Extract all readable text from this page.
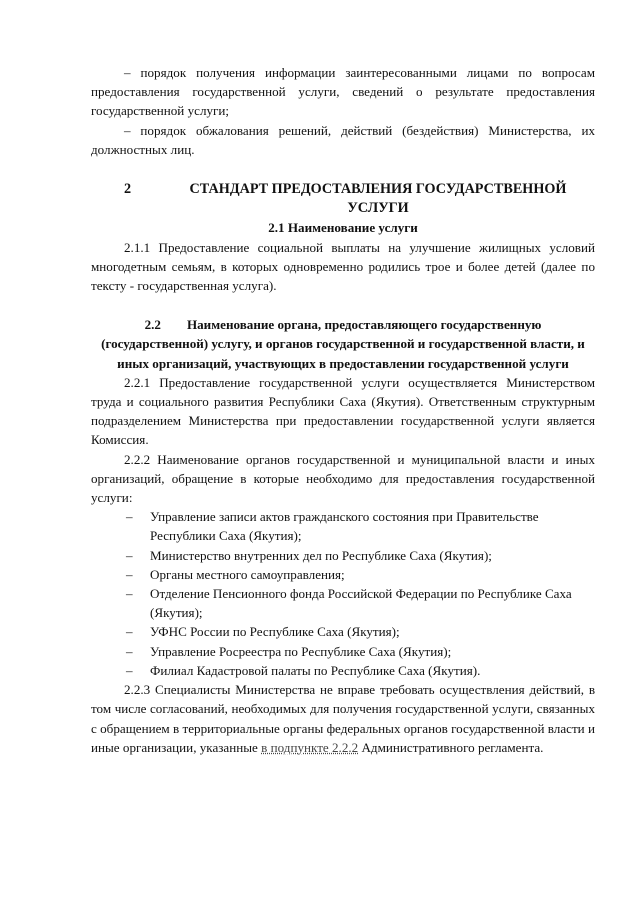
– порядок получения информации заинтересованными лицами по вопросам предоставления государственной услуги, сведений о результате предоставления государственной услуги;

– порядок обжалования решений, действий (бездействия) Министерства, их должностных лиц.

2	СТАНДАРТ ПРЕДОСТАВЛЕНИЯ ГОСУДАРСТВЕННОЙ УСЛУГИ

2.1 Наименование услуги

2.1.1 Предоставление социальной выплаты на улучшение жилищных условий многодетным семьям, в которых одновременно родились трое и более детей (далее по тексту - государственная услуга).

2.2 Наименование органа, предоставляющего государственную (государственной) услугу, и органов государственной и государственной власти, и иных организаций, участвующих в предоставлении государственной услуги

2.2.1 Предоставление государственной услуги осуществляется Министерством труда и социального развития Республики Саха (Якутия). Ответственным структурным подразделением Министерства при предоставлении государственной услуги является Комиссия.

2.2.2 Наименование органов государственной и муниципальной власти и иных организаций, обращение в которые необходимо для предоставления государственной услуги:

–	Управление записи актов гражданского состояния при Правительстве Республики Саха (Якутия);
–	Министерство внутренних дел по Республике Саха (Якутия);
–	Органы местного самоуправления;
–	Отделение Пенсионного фонда Российской Федерации по Республике Саха (Якутия);
–	УФНС России по Республике Саха (Якутия);
–	Управление Росреестра по Республике Саха (Якутия);
–	Филиал Кадастровой палаты по Республике Саха (Якутия).

2.2.3 Специалисты Министерства не вправе требовать осуществления действий, в том числе согласований, необходимых для получения государственной услуги, связанных с обращением в территориальные органы федеральных органов государственной власти и иные организации, указанные в подпункте 2.2.2 Административного регламента.
